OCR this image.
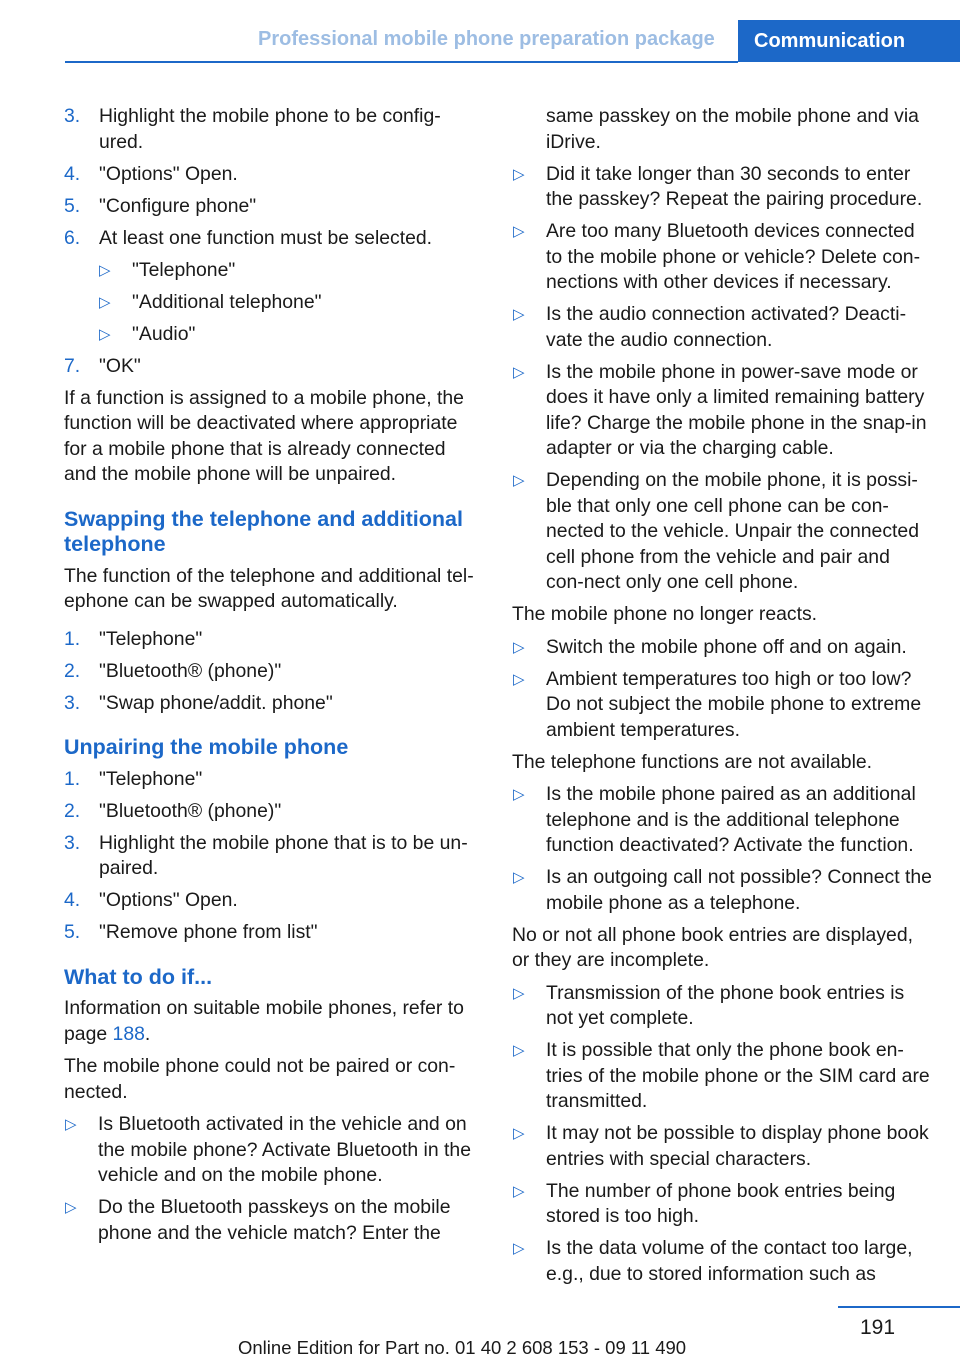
Professional mobile phone preparation package	Communication
3. Highlight the mobile phone to be config‐ured.
4. "Options" Open.
5. "Configure phone"
6. At least one function must be selected.
▷ "Telephone"
▷ "Additional telephone"
▷ "Audio"
7. "OK"
If a function is assigned to a mobile phone, the function will be deactivated where appropriate for a mobile phone that is already connected and the mobile phone will be unpaired.
Swapping the telephone and additional telephone
The function of the telephone and additional tel‐ephone can be swapped automatically.
1. "Telephone"
2. "Bluetooth® (phone)"
3. "Swap phone/addit. phone"
Unpairing the mobile phone
1. "Telephone"
2. "Bluetooth® (phone)"
3. Highlight the mobile phone that is to be un‐paired.
4. "Options" Open.
5. "Remove phone from list"
What to do if...
Information on suitable mobile phones, refer to page 188.
The mobile phone could not be paired or con‐nected.
▷ Is Bluetooth activated in the vehicle and on the mobile phone? Activate Bluetooth in the vehicle and on the mobile phone.
▷ Do the Bluetooth passkeys on the mobile phone and the vehicle match? Enter the
same passkey on the mobile phone and via iDrive.
▷ Did it take longer than 30 seconds to enter the passkey? Repeat the pairing procedure.
▷ Are too many Bluetooth devices connected to the mobile phone or vehicle? Delete con‐nections with other devices if necessary.
▷ Is the audio connection activated? Deacti‐vate the audio connection.
▷ Is the mobile phone in power-save mode or does it have only a limited remaining battery life? Charge the mobile phone in the snap-in adapter or via the charging cable.
▷ Depending on the mobile phone, it is possi‐ble that only one cell phone can be con‐nected to the vehicle. Unpair the connected cell phone from the vehicle and pair and con‐nect only one cell phone.
The mobile phone no longer reacts.
▷ Switch the mobile phone off and on again.
▷ Ambient temperatures too high or too low? Do not subject the mobile phone to extreme ambient temperatures.
The telephone functions are not available.
▷ Is the mobile phone paired as an additional telephone and is the additional telephone function deactivated? Activate the function.
▷ Is an outgoing call not possible? Connect the mobile phone as a telephone.
No or not all phone book entries are displayed, or they are incomplete.
▷ Transmission of the phone book entries is not yet complete.
▷ It is possible that only the phone book en‐tries of the mobile phone or the SIM card are transmitted.
▷ It may not be possible to display phone book entries with special characters.
▷ The number of phone book entries being stored is too high.
▷ Is the data volume of the contact too large, e.g., due to stored information such as
191
Online Edition for Part no. 01 40 2 608 153 - 09 11 490
